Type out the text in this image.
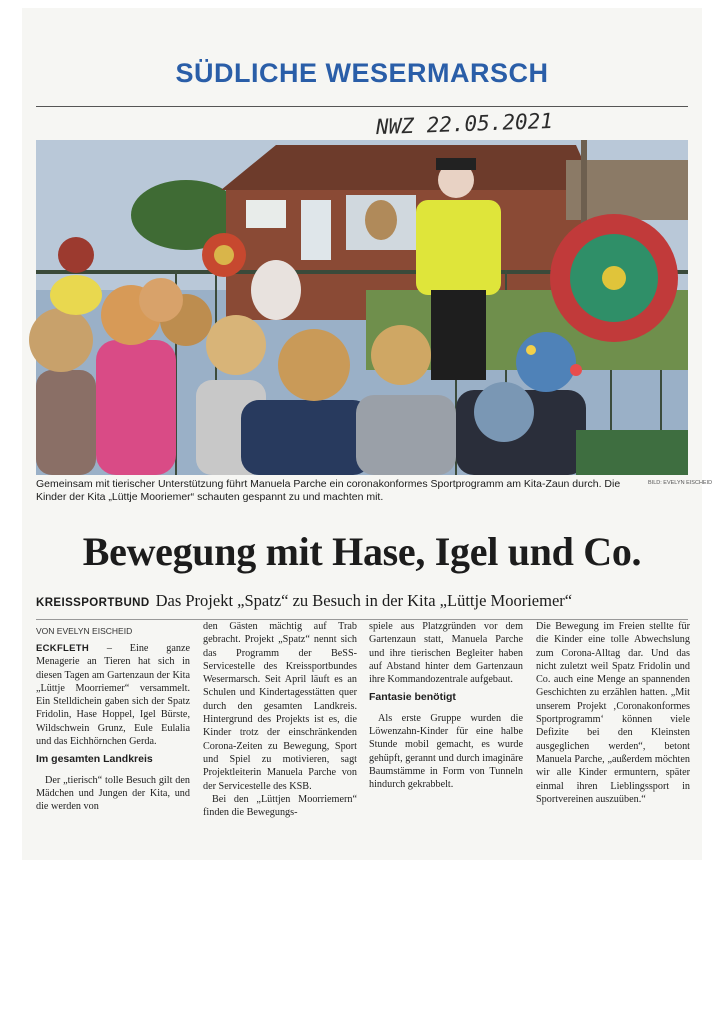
SÜDLICHE WESERMARSCH
NWZ 22.05.2021
BILD: EVELYN EISCHEID
Gemeinsam mit tierischer Unterstützung führt Manuela Parche ein coronakonformes Sportprogramm am Kita-Zaun durch. Die Kinder der Kita „Lüttje Mooriemer“ schauten gespannt zu und machten mit.
Bewegung mit Hase, Igel und Co.
KREISSPORTBUND Das Projekt „Spatz“ zu Besuch in der Kita „Lüttje Mooriemer“
VON EVELYN EISCHEID

ECKFLETH – Eine ganze Menagerie an Tieren hat sich in diesen Tagen am Gartenzaun der Kita „Lüttje Moorriemer“ versammelt. Ein Stelldichein gaben sich der Spatz Fridolin, Hase Hoppel, Igel Bürste, Wildschwein Grunz, Eule Eulalia und das Eichhörnchen Gerda.

Im gesamten Landkreis

Der „tierisch“ tolle Besuch gilt den Mädchen und Jungen der Kita, und die werden von

den Gästen mächtig auf Trab gebracht. Projekt „Spatz“ nennt sich das Programm der BeSS-Servicestelle des Kreissportbundes Wesermarsch. Seit April läuft es an Schulen und Kindertagesstätten quer durch den gesamten Landkreis. Hintergrund des Projekts ist es, die Kinder trotz der einschränkenden Corona-Zeiten zu Bewegung, Sport und Spiel zu motivieren, sagt Projektleiterin Manuela Parche von der Servicestelle des KSB.

Bei den „Lüttjen Moorriemern“ finden die Bewegungs-

spiele aus Platzgründen vor dem Gartenzaun statt, Manuela Parche und ihre tierischen Begleiter haben auf Abstand hinter dem Gartenzaun ihre Kommandozentrale aufgebaut.

Fantasie benötigt

Als erste Gruppe wurden die Löwenzahn-Kinder für eine halbe Stunde mobil gemacht, es wurde gehüpft, gerannt und durch imaginäre Baumstämme in Form von Tunneln hindurch gekrabbelt.

Die Bewegung im Freien stellte für die Kinder eine tolle Abwechslung zum Corona-Alltag dar. Und das nicht zuletzt weil Spatz Fridolin und Co. auch eine Menge an spannenden Geschichten zu erzählen hatten. „Mit unserem Projekt ‚Coronakonformes Sportprogramm‘ können viele Defizite bei den Kleinsten ausgeglichen werden“, betont Manuela Parche, „außerdem möchten wir alle Kinder ermuntern, später einmal ihren Lieblingssport in Sportvereinen auszuüben.“
